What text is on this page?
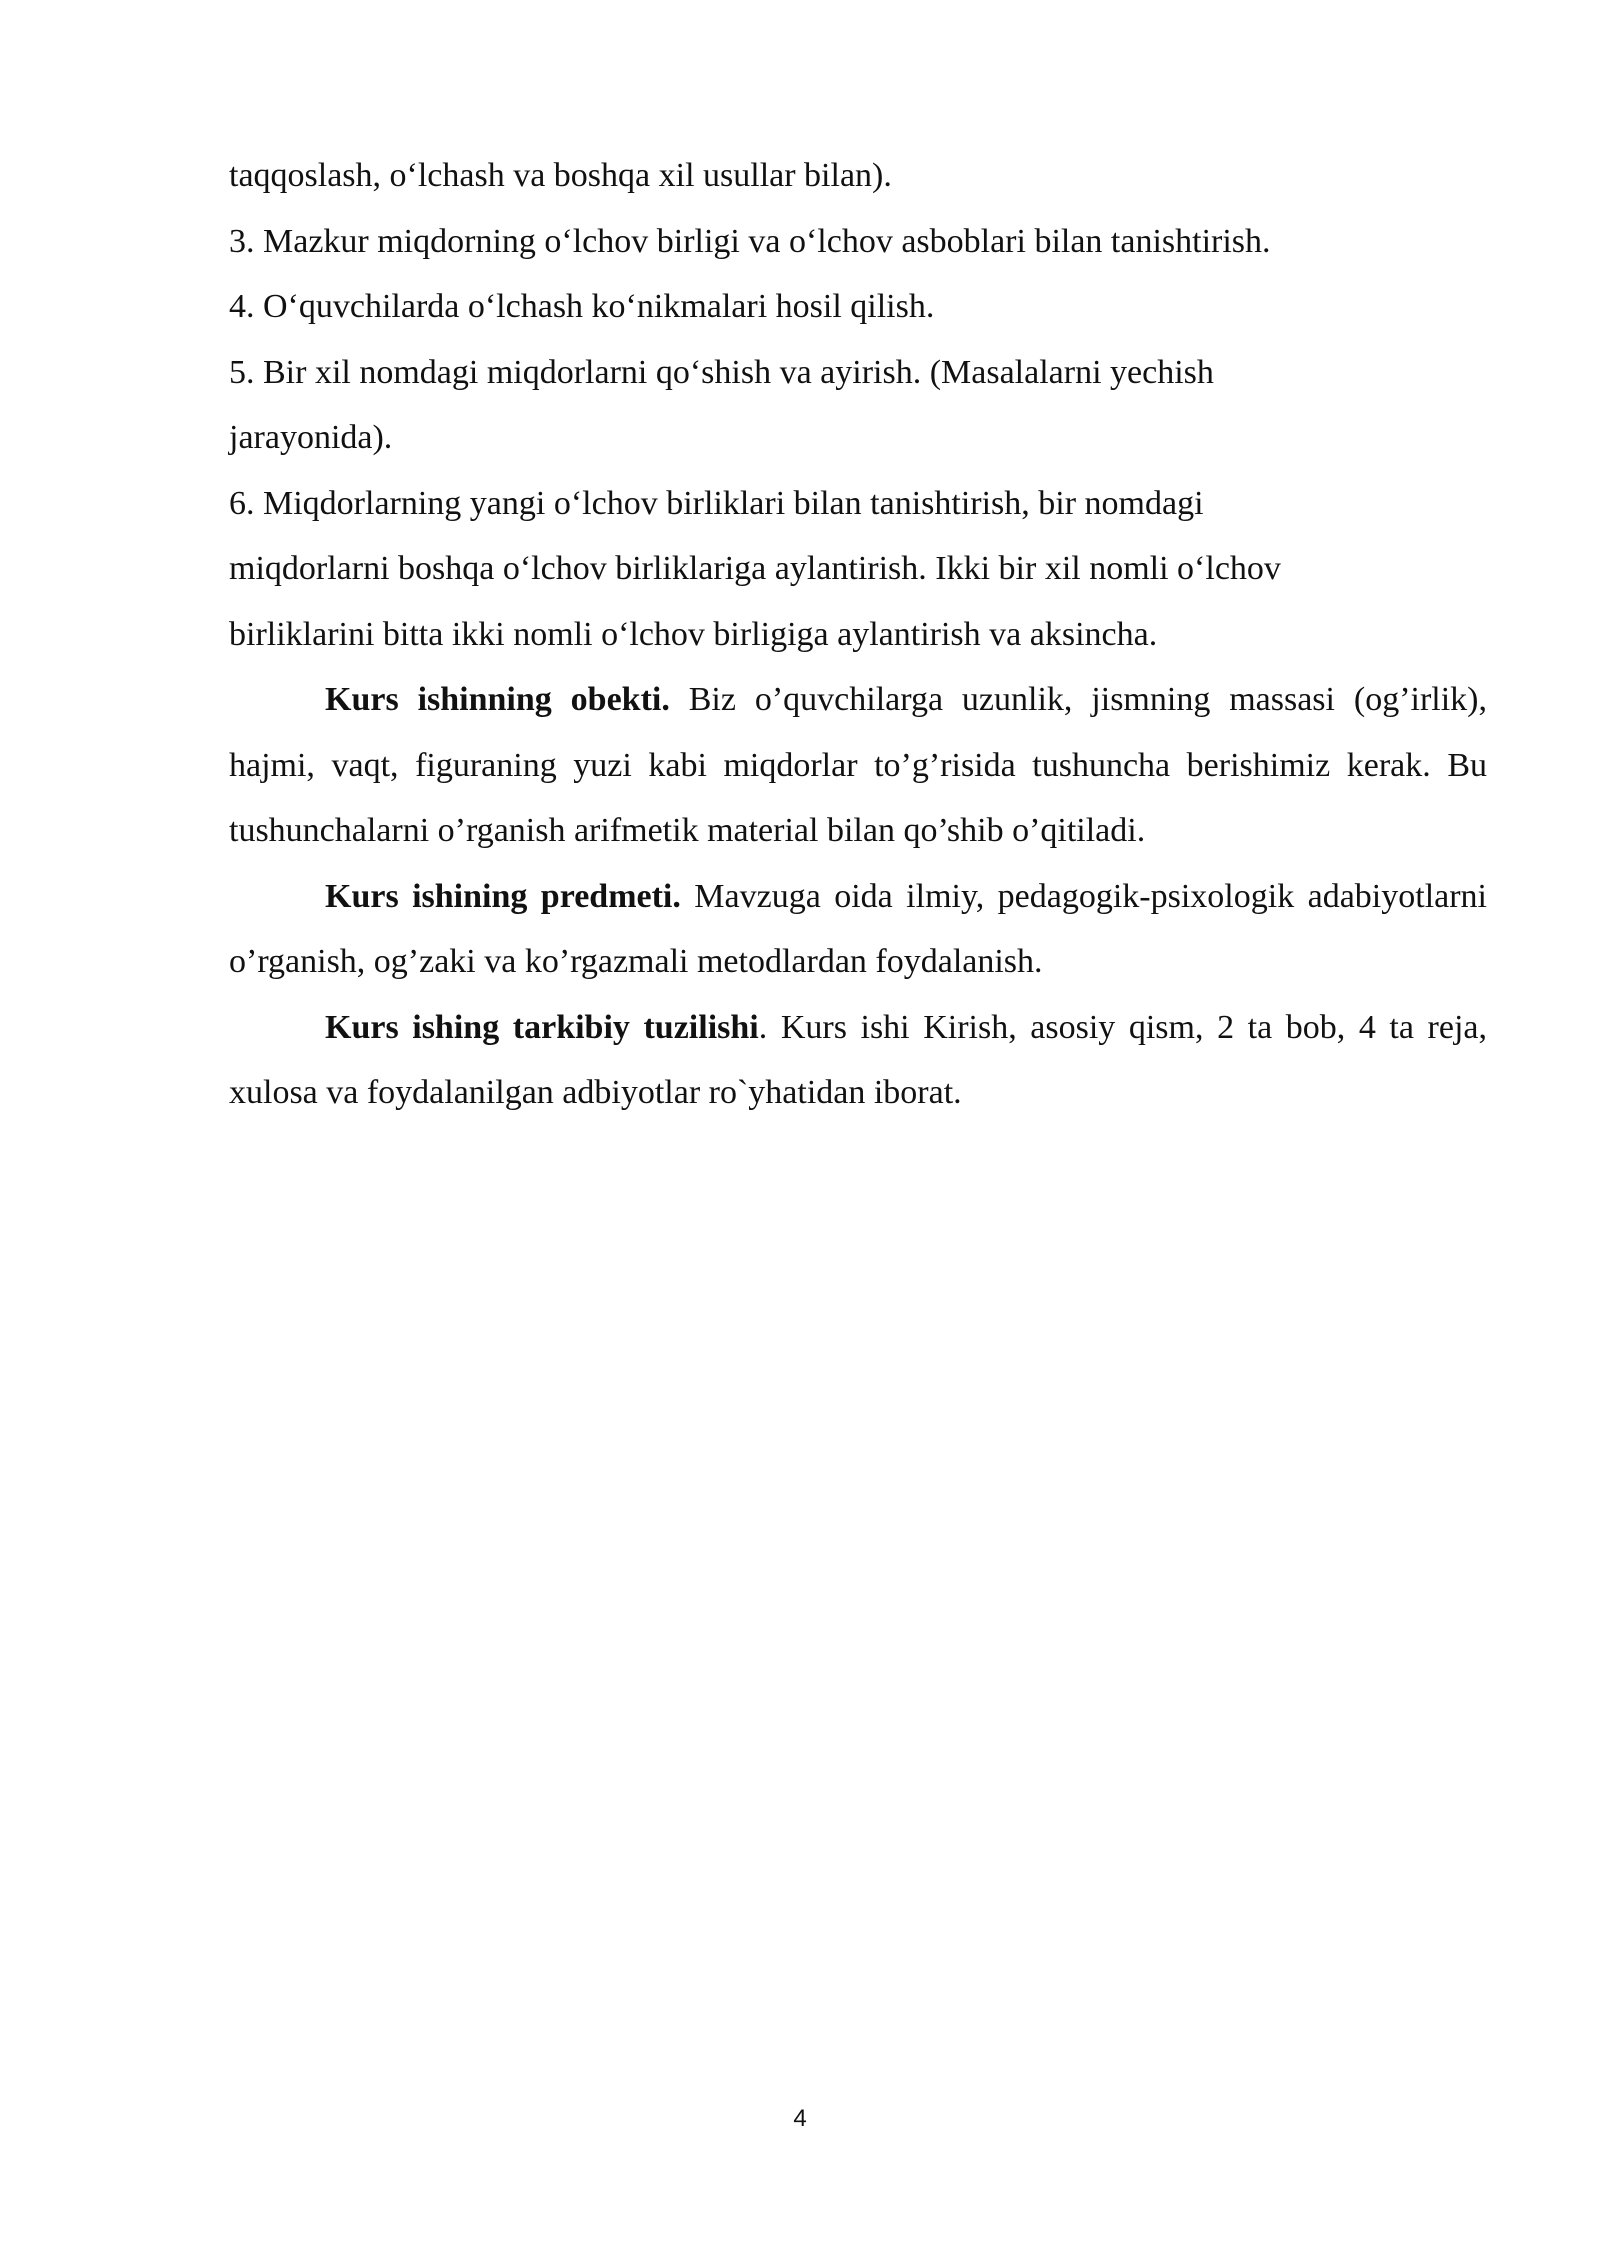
taqqoslash, o‘lchash va boshqa xil usullar bilan).

3. Mazkur miqdorning o‘lchov birligi va o‘lchov asboblari bilan tanishtirish.

4. O‘quvchilarda o‘lchash ko‘nikmalari hosil qilish.

5. Bir xil nomdagi miqdorlarni qo‘shish va ayirish. (Masalalarni yechish

jarayonida).

6. Miqdorlarning yangi o‘lchov birliklari bilan tanishtirish, bir nomdagi

miqdorlarni boshqa o‘lchov birliklariga aylantirish. Ikki bir xil nomli o‘lchov

birliklarini bitta ikki nomli o‘lchov birligiga aylantirish va aksincha.

Kurs ishinning obekti. Biz o’quvchilarga uzunlik, jismning massasi (og’irlik), hajmi, vaqt, figuraning yuzi kabi miqdorlar to’g’risida tushuncha berishimiz kerak. Bu tushunchalarni o’rganish arifmetik material bilan qo’shib o’qitiladi.

Kurs ishining predmeti. Mavzuga oida ilmiy, pedagogik-psixologik adabiyotlarni o’rganish, og’zaki va ko’rgazmali metodlardan foydalanish.

Kurs ishing tarkibiy tuzilishi. Kurs ishi Kirish, asosiy qism, 2 ta bob, 4 ta reja, xulosa va foydalanilgan adbiyotlar ro`yhatidan iborat.

4
